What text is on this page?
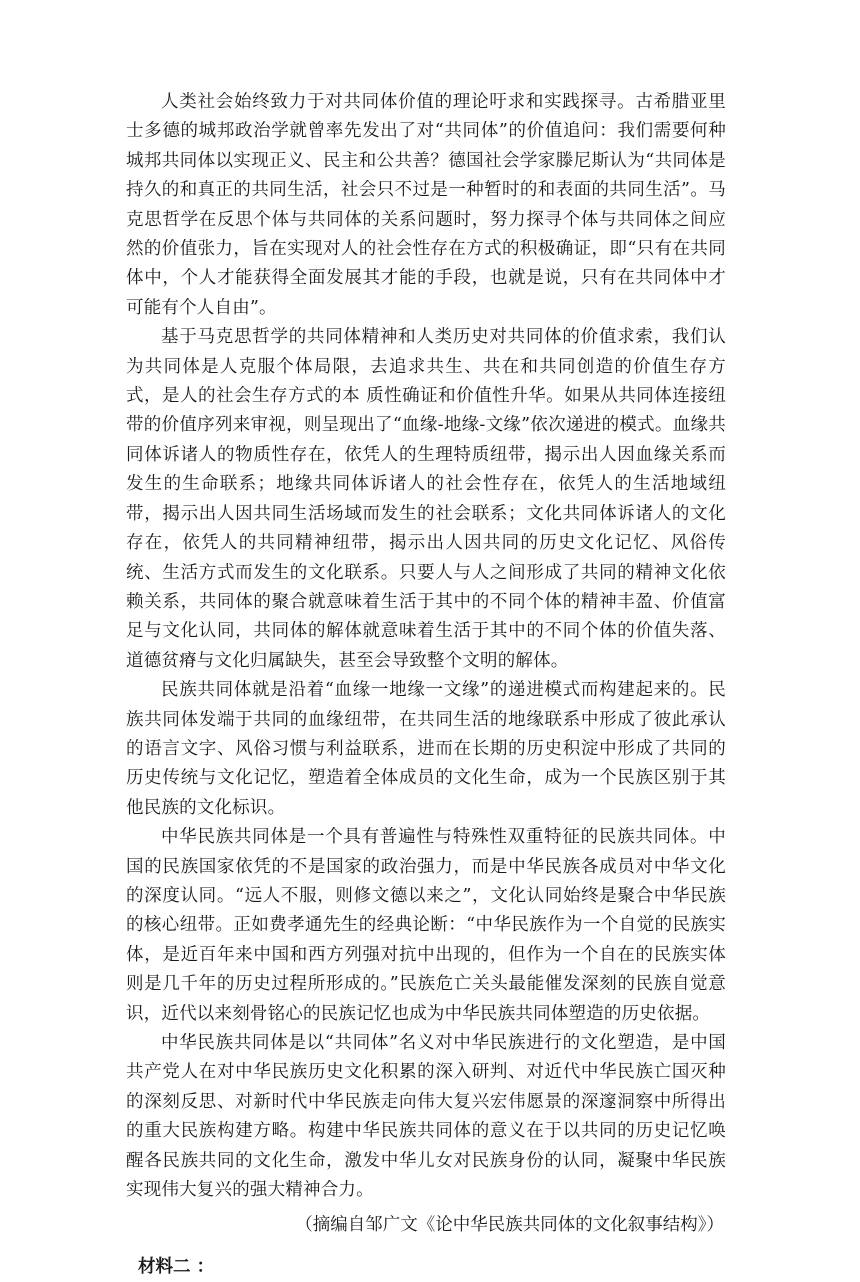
人类社会始终致力于对共同体价值的理论吁求和实践探寻。古希腊亚里士多德的城邦政治学就曾率先发出了对“共同体”的价值追问：我们需要何种城邦共同体以实现正义、民主和公共善？德国社会学家滕尼斯认为“共同体是持久的和真正的共同生活，社会只不过是一种暂时的和表面的共同生活”。马克思哲学在反思个体与共同体的关系问题时，努力探寻个体与共同体之间应然的价值张力，旨在实现对人的社会性存在方式的积极确证，即“只有在共同体中，个人才能获得全面发展其才能的手段，也就是说，只有在共同体中才可能有个人自由”。

基于马克思哲学的共同体精神和人类历史对共同体的价值求索，我们认为共同体是人克服个体局限，去追求共生、共在和共同创造的价值生存方式，是人的社会生存方式的本 质性确证和价值性升华。如果从共同体连接纽带的价值序列来审视，则呈现出了“血缘-地缘-文缘”依次递进的模式。血缘共同体诉诸人的物质性存在，依凭人的生理特质纽带，揭示出人因血缘关系而发生的生命联系；地缘共同体诉诸人的社会性存在，依凭人的生活地域纽带，揭示出人因共同生活场域而发生的社会联系；文化共同体诉诸人的文化存在，依凭人的共同精神纽带，揭示出人因共同的历史文化记忆、风俗传统、生活方式而发生的文化联系。只要人与人之间形成了共同的精神文化依赖关系，共同体的聚合就意味着生活于其中的不同个体的精神丰盈、价值富足与文化认同，共同体的解体就意味着生活于其中的不同个体的价值失落、道德贫瘠与文化归属缺失，甚至会导致整个文明的解体。

民族共同体就是沿着“血缘一地缘一文缘”的递进模式而构建起来的。民族共同体发端于共同的血缘纽带，在共同生活的地缘联系中形成了彼此承认的语言文字、风俗习惯与利益联系，进而在长期的历史积淀中形成了共同的历史传统与文化记忆，塑造着全体成员的文化生命，成为一个民族区别于其他民族的文化标识。

中华民族共同体是一个具有普遍性与特殊性双重特征的民族共同体。中国的民族国家依凭的不是国家的政治强力，而是中华民族各成员对中华文化的深度认同。“远人不服，则修文德以来之”，文化认同始终是聚合中华民族的核心纽带。正如费孝通先生的经典论断：“中华民族作为一个自觉的民族实体，是近百年来中国和西方列强对抗中出现的，但作为一个自在的民族实体则是几千年的历史过程所形成的。”民族危亡关头最能催发深刻的民族自觉意识，近代以来刻骨铭心的民族记忆也成为中华民族共同体塑造的历史依据。

中华民族共同体是以“共同体”名义对中华民族进行的文化塑造，是中国共产党人在对中华民族历史文化积累的深入研判、对近代中华民族亡国灭种的深刻反思、对新时代中华民族走向伟大复兴宏伟愿景的深邃洞察中所得出的重大民族构建方略。构建中华民族共同体的意义在于以共同的历史记忆唤醒各民族共同的文化生命，激发中华儿女对民族身份的认同，凝聚中华民族实现伟大复兴的强大精神合力。

（摘编自邹广文《论中华民族共同体的文化叙事结构》）

材料二 ：
